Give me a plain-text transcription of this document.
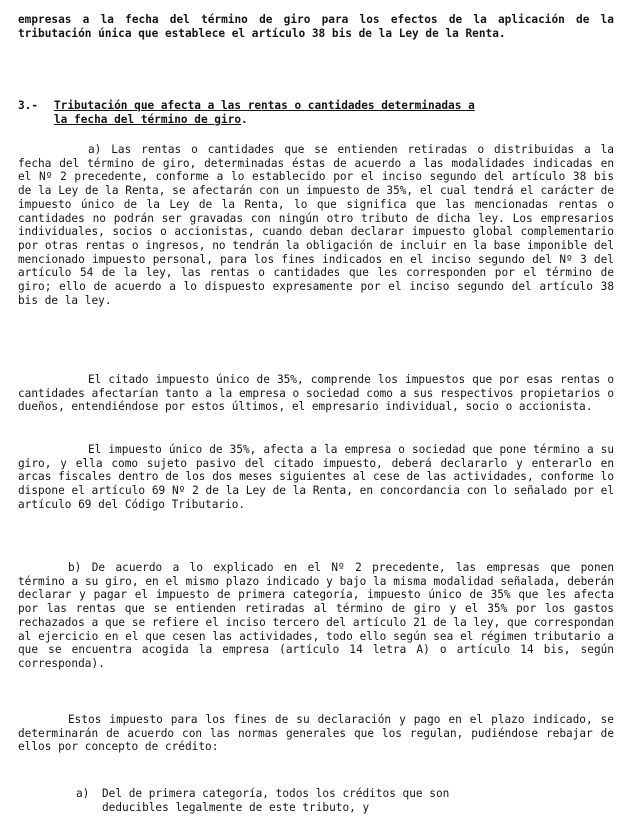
empresas a la fecha del término de giro para los efectos de la aplicación de la tributación única que establece el artículo 38 bis de la Ley de la Renta.

3.- Tributación que afecta a las rentas o cantidades determinadas a
la fecha del término de giro.

a) Las rentas o cantidades que se entienden retiradas o distribuidas a la fecha del término de giro, determinadas éstas de acuerdo a las modalidades indicadas en el Nº 2 precedente, conforme a lo establecido por el inciso segundo del artículo 38 bis de la Ley de la Renta, se afectarán con un impuesto de 35%, el cual tendrá el carácter de impuesto único de la Ley de la Renta, lo que significa que las mencionadas rentas o cantidades no podrán ser gravadas con ningún otro tributo de dicha ley. Los empresarios individuales, socios o accionistas, cuando deban declarar impuesto global complementario por otras rentas o ingresos, no tendrán la obligación de incluir en la base imponible del mencionado impuesto personal, para los fines indicados en el inciso segundo del Nº 3 del artículo 54 de la ley, las rentas o cantidades que les corresponden por el término de giro; ello de acuerdo a lo dispuesto expresamente por el inciso segundo del artículo 38 bis de la ley.

El citado impuesto único de 35%, comprende los impuestos que por esas rentas o cantidades afectarían tanto a la empresa o sociedad como a sus respectivos propietarios o dueños, entendiéndose por estos últimos, el empresario individual, socio o accionista.

El impuesto único de 35%, afecta a la empresa o sociedad que pone término a su giro, y ella como sujeto pasivo del citado impuesto, deberá declararlo y enterarlo en arcas fiscales dentro de los dos meses siguientes al cese de las actividades, conforme lo dispone el artículo 69 Nº 2 de la Ley de la Renta, en concordancia con lo señalado por el artículo 69 del Código Tributario.

b) De acuerdo a lo explicado en el Nº 2 precedente, las empresas que ponen término a su giro, en el mismo plazo indicado y bajo la misma modalidad señalada, deberán declarar y pagar el impuesto de primera categoría, impuesto único de 35% que les afecta por las rentas que se entienden retiradas al término de giro y el 35% por los gastos rechazados a que se refiere el inciso tercero del artículo 21 de la ley, que correspondan al ejercicio en el que cesen las actividades, todo ello según sea el régimen tributario a que se encuentra acogida la empresa (artículo 14 letra A) o artículo 14 bis, según corresponda).

Estos impuesto para los fines de su declaración y pago en el plazo indicado, se determinarán de acuerdo con las normas generales que los regulan, pudiéndose rebajar de ellos por concepto de crédito:

a) Del de primera categoría, todos los créditos que son
deducibles legalmente de este tributo, y
